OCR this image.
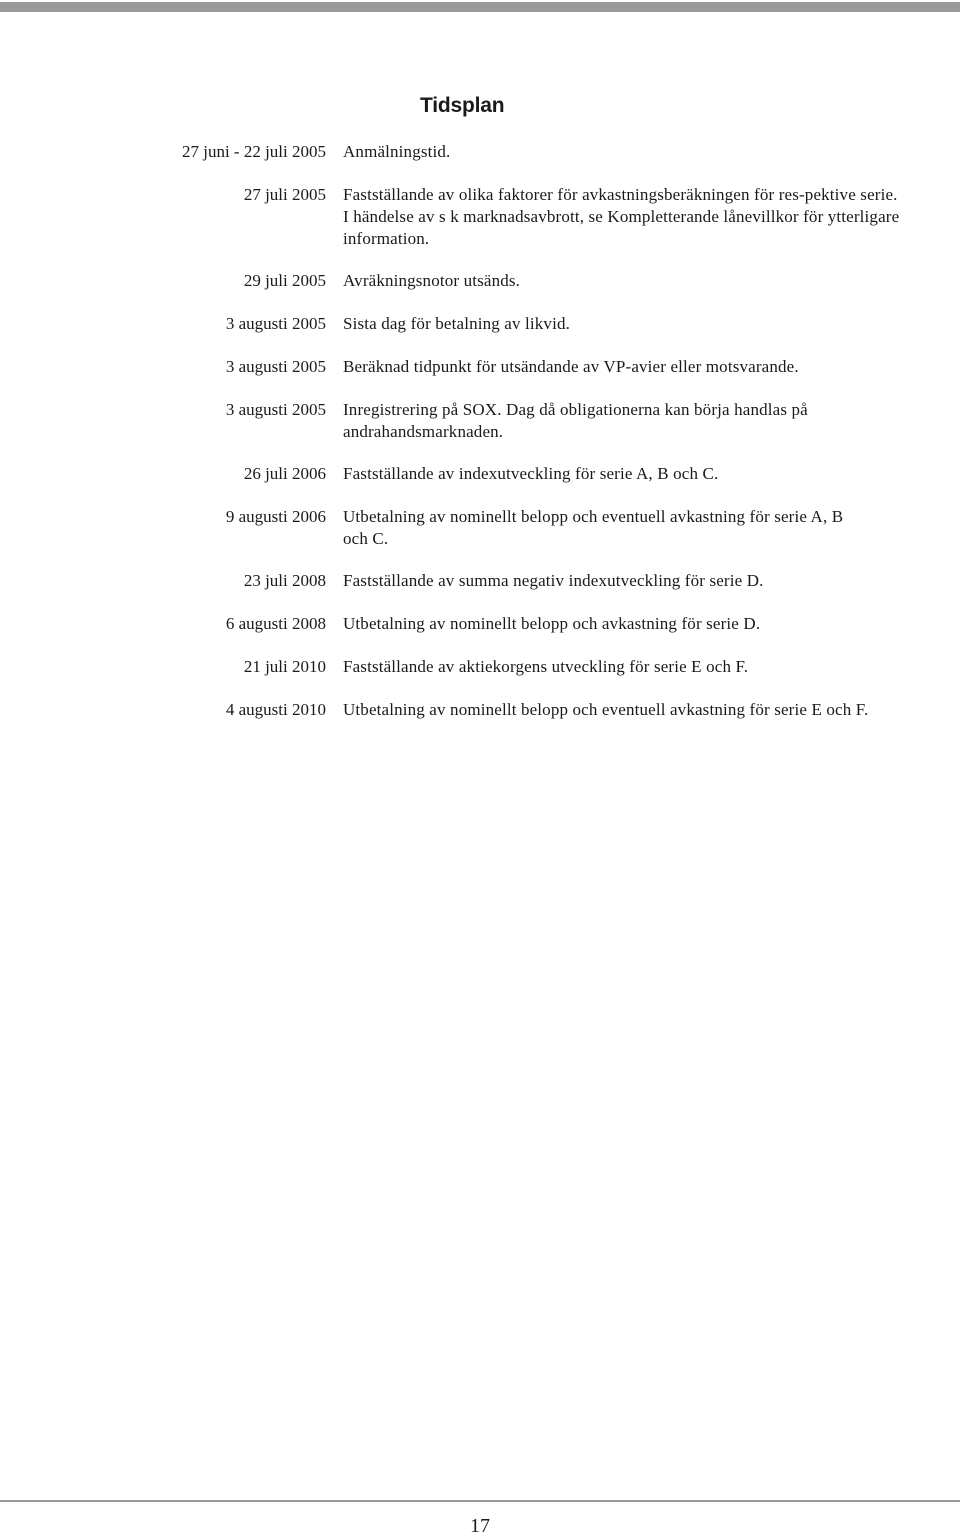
Tidsplan
27 juni - 22 juli 2005 Anmälningstid.
27 juli 2005 Fastställande av olika faktorer för avkastningsberäkningen för res-pektive serie. I händelse av s k marknadsavbrott, se Kompletterande lånevillkor för ytterligare information.
29 juli 2005 Avräkningsnotor utsänds.
3 augusti 2005 Sista dag för betalning av likvid.
3 augusti 2005 Beräknad tidpunkt för utsändande av VP-avier eller motsvarande.
3 augusti 2005 Inregistrering på SOX. Dag då obligationerna kan börja handlas på andrahandsmarknaden.
26 juli 2006 Fastställande av indexutveckling för serie A, B och C.
9 augusti 2006 Utbetalning av nominellt belopp och eventuell avkastning för serie A, B och C.
23 juli 2008 Fastställande av summa negativ indexutveckling för serie D.
6 augusti 2008 Utbetalning av nominellt belopp och avkastning för serie D.
21 juli 2010 Fastställande av aktiekorgens utveckling för serie E och F.
4 augusti 2010 Utbetalning av nominellt belopp och eventuell avkastning för serie E och F.
17
